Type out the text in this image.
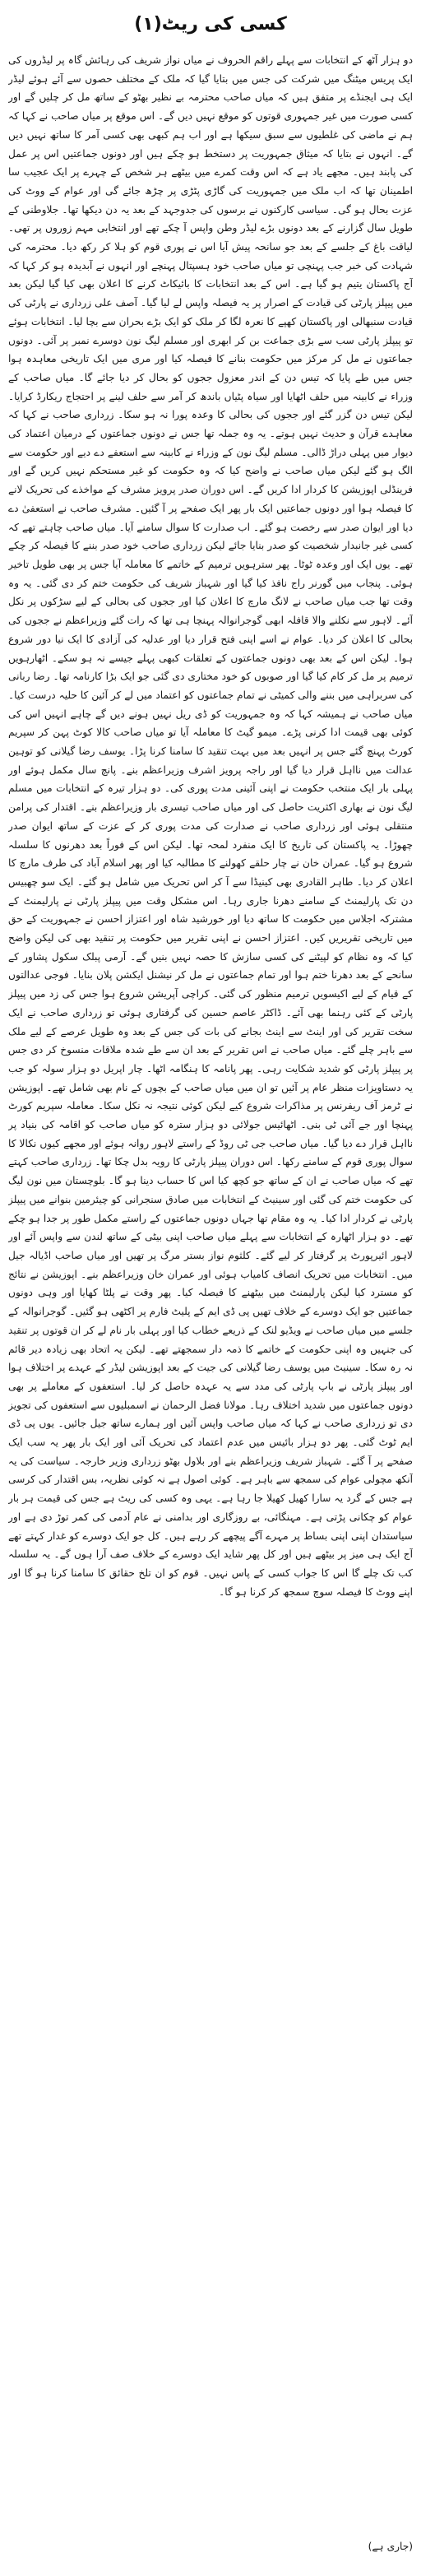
کسی کی ریٹ(۱)

دو ہزار آٹھ کے انتخابات سے پہلے راقم الحروف نے میاں نواز شریف کی رہائش گاہ پر لیڈروں کی ایک پریس میٹنگ میں شرکت کی جس میں بتایا گیا کہ ملک کے مختلف حصوں سے آئے ہوئے لیڈر ایک ہی ایجنڈے پر متفق ہیں کہ میاں صاحب محترمہ بے نظیر بھٹو کے ساتھ مل کر چلیں گے اور کسی صورت میں غیر جمہوری قوتوں کو موقع نہیں دیں گے۔ اس موقع پر میاں صاحب نے کہا کہ ہم نے ماضی کی غلطیوں سے سبق سیکھا ہے اور اب ہم کبھی بھی کسی آمر کا ساتھ نہیں دیں گے۔ انہوں نے بتایا کہ میثاق جمہوریت پر دستخط ہو چکے ہیں اور دونوں جماعتیں اس پر عمل کی پابند ہیں۔ مجھے یاد ہے کہ اس وقت کمرے میں بیٹھے ہر شخص کے چہرے پر ایک عجیب سا اطمینان تھا کہ اب ملک میں جمہوریت کی گاڑی پٹڑی پر چڑھ جائے گی اور عوام کے ووٹ کی عزت بحال ہو گی۔ سیاسی کارکنوں نے برسوں کی جدوجہد کے بعد یہ دن دیکھا تھا۔ جلاوطنی کے طویل سال گزارنے کے بعد دونوں بڑے لیڈر وطن واپس آ چکے تھے اور انتخابی مہم زوروں پر تھی۔ لیاقت باغ کے جلسے کے بعد جو سانحہ پیش آیا اس نے پوری قوم کو ہلا کر رکھ دیا۔ محترمہ کی شہادت کی خبر جب پہنچی تو میاں صاحب خود ہسپتال پہنچے اور انہوں نے آبدیدہ ہو کر کہا کہ آج پاکستان یتیم ہو گیا ہے۔ اس کے بعد انتخابات کا بائیکاٹ کرنے کا اعلان بھی کیا گیا لیکن بعد میں پیپلز پارٹی کی قیادت کے اصرار پر یہ فیصلہ واپس لے لیا گیا۔ آصف علی زرداری نے پارٹی کی قیادت سنبھالی اور پاکستان کھپے کا نعرہ لگا کر ملک کو ایک بڑے بحران سے بچا لیا۔ انتخابات ہوئے تو پیپلز پارٹی سب سے بڑی جماعت بن کر ابھری اور مسلم لیگ نون دوسرے نمبر پر آئی۔ دونوں جماعتوں نے مل کر مرکز میں حکومت بنانے کا فیصلہ کیا اور مری میں ایک تاریخی معاہدہ ہوا جس میں طے پایا کہ تیس دن کے اندر معزول ججوں کو بحال کر دیا جائے گا۔ میاں صاحب کے وزراء نے کابینہ میں حلف اٹھایا اور سیاہ پٹیاں باندھ کر آمر سے حلف لینے پر احتجاج ریکارڈ کرایا۔ لیکن تیس دن گزر گئے اور ججوں کی بحالی کا وعدہ پورا نہ ہو سکا۔ زرداری صاحب نے کہا کہ معاہدے قرآن و حدیث نہیں ہوتے۔ یہ وہ جملہ تھا جس نے دونوں جماعتوں کے درمیان اعتماد کی دیوار میں پہلی دراڑ ڈالی۔ مسلم لیگ نون کے وزراء نے کابینہ سے استعفے دے دیے اور حکومت سے الگ ہو گئے لیکن میاں صاحب نے واضح کیا کہ وہ حکومت کو غیر مستحکم نہیں کریں گے اور فرینڈلی اپوزیشن کا کردار ادا کریں گے۔ اس دوران صدر پرویز مشرف کے مواخذے کی تحریک لانے کا فیصلہ ہوا اور دونوں جماعتیں ایک بار پھر ایک صفحے پر آ گئیں۔ مشرف صاحب نے استعفیٰ دے دیا اور ایوان صدر سے رخصت ہو گئے۔ اب صدارت کا سوال سامنے آیا۔ میاں صاحب چاہتے تھے کہ کسی غیر جانبدار شخصیت کو صدر بنایا جائے لیکن زرداری صاحب خود صدر بننے کا فیصلہ کر چکے تھے۔ یوں ایک اور وعدہ ٹوٹا۔ پھر سترہویں ترمیم کے خاتمے کا معاملہ آیا جس پر بھی طویل تاخیر ہوئی۔ پنجاب میں گورنر راج نافذ کیا گیا اور شہباز شریف کی حکومت ختم کر دی گئی۔ یہ وہ وقت تھا جب میاں صاحب نے لانگ مارچ کا اعلان کیا اور ججوں کی بحالی کے لیے سڑکوں پر نکل آئے۔ لاہور سے نکلنے والا قافلہ ابھی گوجرانوالہ پہنچا ہی تھا کہ رات گئے وزیراعظم نے ججوں کی بحالی کا اعلان کر دیا۔ عوام نے اسے اپنی فتح قرار دیا اور عدلیہ کی آزادی کا ایک نیا دور شروع ہوا۔ لیکن اس کے بعد بھی دونوں جماعتوں کے تعلقات کبھی پہلے جیسے نہ ہو سکے۔ اٹھارہویں ترمیم پر مل کر کام کیا گیا اور صوبوں کو خود مختاری دی گئی جو ایک بڑا کارنامہ تھا۔ رضا ربانی کی سربراہی میں بننے والی کمیٹی نے تمام جماعتوں کو اعتماد میں لے کر آئین کا حلیہ درست کیا۔ میاں صاحب نے ہمیشہ کہا کہ وہ جمہوریت کو ڈی ریل نہیں ہونے دیں گے چاہے انہیں اس کی کوئی بھی قیمت ادا کرنی پڑے۔ میمو گیٹ کا معاملہ آیا تو میاں صاحب کالا کوٹ پہن کر سپریم کورٹ پہنچ گئے جس پر انہیں بعد میں بہت تنقید کا سامنا کرنا پڑا۔ یوسف رضا گیلانی کو توہین عدالت میں نااہل قرار دیا گیا اور راجہ پرویز اشرف وزیراعظم بنے۔ پانچ سال مکمل ہوئے اور پہلی بار ایک منتخب حکومت نے اپنی آئینی مدت پوری کی۔ دو ہزار تیرہ کے انتخابات میں مسلم لیگ نون نے بھاری اکثریت حاصل کی اور میاں صاحب تیسری بار وزیراعظم بنے۔ اقتدار کی پرامن منتقلی ہوئی اور زرداری صاحب نے صدارت کی مدت پوری کر کے عزت کے ساتھ ایوان صدر چھوڑا۔ یہ پاکستان کی تاریخ کا ایک منفرد لمحہ تھا۔ لیکن اس کے فوراً بعد دھرنوں کا سلسلہ شروع ہو گیا۔ عمران خان نے چار حلقے کھولنے کا مطالبہ کیا اور پھر اسلام آباد کی طرف مارچ کا اعلان کر دیا۔ طاہر القادری بھی کینیڈا سے آ کر اس تحریک میں شامل ہو گئے۔ ایک سو چھبیس دن تک پارلیمنٹ کے سامنے دھرنا جاری رہا۔ اس مشکل وقت میں پیپلز پارٹی نے پارلیمنٹ کے مشترکہ اجلاس میں حکومت کا ساتھ دیا اور خورشید شاہ اور اعتزاز احسن نے جمہوریت کے حق میں تاریخی تقریریں کیں۔ اعتزاز احسن نے اپنی تقریر میں حکومت پر تنقید بھی کی لیکن واضح کیا کہ وہ نظام کو لپیٹنے کی کسی سازش کا حصہ نہیں بنیں گے۔ آرمی پبلک سکول پشاور کے سانحے کے بعد دھرنا ختم ہوا اور تمام جماعتوں نے مل کر نیشنل ایکشن پلان بنایا۔ فوجی عدالتوں کے قیام کے لیے اکیسویں ترمیم منظور کی گئی۔ کراچی آپریشن شروع ہوا جس کی زد میں پیپلز پارٹی کے کئی رہنما بھی آئے۔ ڈاکٹر عاصم حسین کی گرفتاری ہوئی تو زرداری صاحب نے ایک سخت تقریر کی اور اینٹ سے اینٹ بجانے کی بات کی جس کے بعد وہ طویل عرصے کے لیے ملک سے باہر چلے گئے۔ میاں صاحب نے اس تقریر کے بعد ان سے طے شدہ ملاقات منسوخ کر دی جس پر پیپلز پارٹی کو شدید شکایت رہی۔ پھر پانامہ کا ہنگامہ اٹھا۔ چار اپریل دو ہزار سولہ کو جب یہ دستاویزات منظر عام پر آئیں تو ان میں میاں صاحب کے بچوں کے نام بھی شامل تھے۔ اپوزیشن نے ٹرمز آف ریفرنس پر مذاکرات شروع کیے لیکن کوئی نتیجہ نہ نکل سکا۔ معاملہ سپریم کورٹ پہنچا اور جے آئی ٹی بنی۔ اٹھائیس جولائی دو ہزار سترہ کو میاں صاحب کو اقامہ کی بنیاد پر نااہل قرار دے دیا گیا۔ میاں صاحب جی ٹی روڈ کے راستے لاہور روانہ ہوئے اور مجھے کیوں نکالا کا سوال پوری قوم کے سامنے رکھا۔ اس دوران پیپلز پارٹی کا رویہ بدل چکا تھا۔ زرداری صاحب کہتے تھے کہ میاں صاحب نے ان کے ساتھ جو کچھ کیا اس کا حساب دینا ہو گا۔ بلوچستان میں نون لیگ کی حکومت ختم کی گئی اور سینیٹ کے انتخابات میں صادق سنجرانی کو چیئرمین بنوانے میں پیپلز پارٹی نے کردار ادا کیا۔ یہ وہ مقام تھا جہاں دونوں جماعتوں کے راستے مکمل طور پر جدا ہو چکے تھے۔ دو ہزار اٹھارہ کے انتخابات سے پہلے میاں صاحب اپنی بیٹی کے ساتھ لندن سے واپس آئے اور لاہور ائیرپورٹ پر گرفتار کر لیے گئے۔ کلثوم نواز بستر مرگ پر تھیں اور میاں صاحب اڈیالہ جیل میں۔ انتخابات میں تحریک انصاف کامیاب ہوئی اور عمران خان وزیراعظم بنے۔ اپوزیشن نے نتائج کو مسترد کیا لیکن پارلیمنٹ میں بیٹھنے کا فیصلہ کیا۔ پھر وقت نے پلٹا کھایا اور وہی دونوں جماعتیں جو ایک دوسرے کے خلاف تھیں پی ڈی ایم کے پلیٹ فارم پر اکٹھی ہو گئیں۔ گوجرانوالہ کے جلسے میں میاں صاحب نے ویڈیو لنک کے ذریعے خطاب کیا اور پہلی بار نام لے کر ان قوتوں پر تنقید کی جنہیں وہ اپنی حکومت کے خاتمے کا ذمہ دار سمجھتے تھے۔ لیکن یہ اتحاد بھی زیادہ دیر قائم نہ رہ سکا۔ سینیٹ میں یوسف رضا گیلانی کی جیت کے بعد اپوزیشن لیڈر کے عہدے پر اختلاف ہوا اور پیپلز پارٹی نے باپ پارٹی کی مدد سے یہ عہدہ حاصل کر لیا۔ استعفوں کے معاملے پر بھی دونوں جماعتوں میں شدید اختلاف رہا۔ مولانا فضل الرحمان نے اسمبلیوں سے استعفوں کی تجویز دی تو زرداری صاحب نے کہا کہ میاں صاحب واپس آئیں اور ہمارے ساتھ جیل جائیں۔ یوں پی ڈی ایم ٹوٹ گئی۔ پھر دو ہزار بائیس میں عدم اعتماد کی تحریک آئی اور ایک بار پھر یہ سب ایک صفحے پر آ گئے۔ شہباز شریف وزیراعظم بنے اور بلاول بھٹو زرداری وزیر خارجہ۔ سیاست کی یہ آنکھ مچولی عوام کی سمجھ سے باہر ہے۔ کوئی اصول ہے نہ کوئی نظریہ، بس اقتدار کی کرسی ہے جس کے گرد یہ سارا کھیل کھیلا جا رہا ہے۔ یہی وہ کسی کی ریٹ ہے جس کی قیمت ہر بار عوام کو چکانی پڑتی ہے۔ مہنگائی، بے روزگاری اور بدامنی نے عام آدمی کی کمر توڑ دی ہے اور سیاستدان اپنی اپنی بساط پر مہرے آگے پیچھے کر رہے ہیں۔ کل جو ایک دوسرے کو غدار کہتے تھے آج ایک ہی میز پر بیٹھے ہیں اور کل پھر شاید ایک دوسرے کے خلاف صف آرا ہوں گے۔ یہ سلسلہ کب تک چلے گا اس کا جواب کسی کے پاس نہیں۔ قوم کو ان تلخ حقائق کا سامنا کرنا ہو گا اور اپنے ووٹ کا فیصلہ سوچ سمجھ کر کرنا ہو گا۔

(جاری ہے)
